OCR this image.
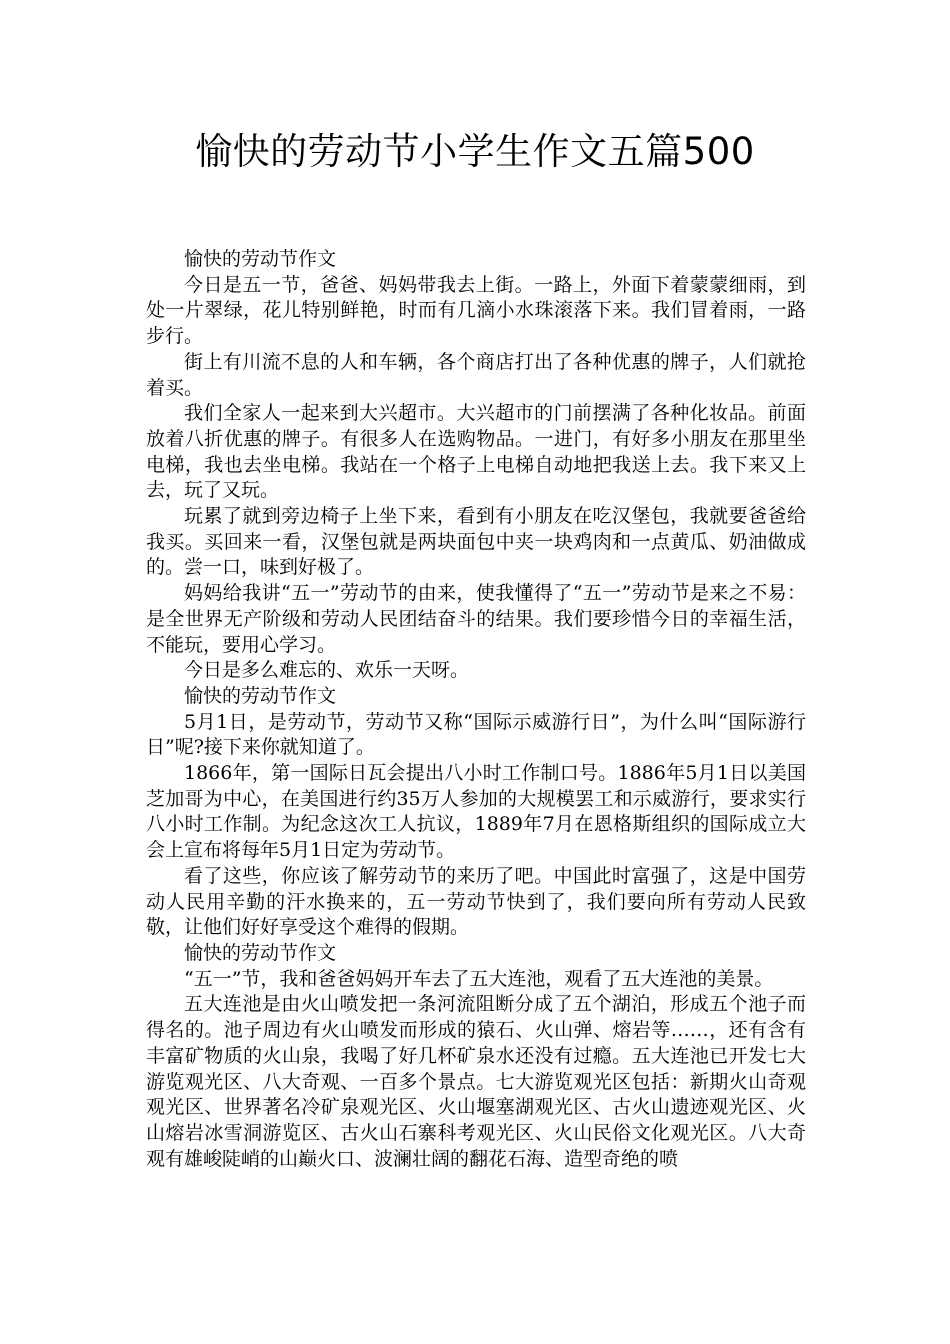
愉快的劳动节小学生作文五篇500

愉快的劳动节作文

今日是五一节，爸爸、妈妈带我去上街。一路上，外面下着蒙蒙细雨，到处一片翠绿，花儿特别鲜艳，时而有几滴小水珠滚落下来。我们冒着雨，一路步行。

街上有川流不息的人和车辆，各个商店打出了各种优惠的牌子，人们就抢着买。

我们全家人一起来到大兴超市。大兴超市的门前摆满了各种化妆品。前面放着八折优惠的牌子。有很多人在选购物品。一进门，有好多小朋友在那里坐电梯，我也去坐电梯。我站在一个格子上电梯自动地把我送上去。我下来又上去，玩了又玩。

玩累了就到旁边椅子上坐下来，看到有小朋友在吃汉堡包，我就要爸爸给我买。买回来一看，汉堡包就是两块面包中夹一块鸡肉和一点黄瓜、奶油做成的。尝一口，味到好极了。

妈妈给我讲“五一”劳动节的由来，使我懂得了“五一”劳动节是来之不易：是全世界无产阶级和劳动人民团结奋斗的结果。我们要珍惜今日的幸福生活，不能玩，要用心学习。

今日是多么难忘的、欢乐一天呀。

愉快的劳动节作文

5月1日，是劳动节，劳动节又称“国际示威游行日”，为什么叫“国际游行日”呢?接下来你就知道了。

1866年，第一国际日瓦会提出八小时工作制口号。1886年5月1日以美国芝加哥为中心，在美国进行约35万人参加的大规模罢工和示威游行，要求实行八小时工作制。为纪念这次工人抗议，1889年7月在恩格斯组织的国际成立大会上宣布将每年5月1日定为劳动节。

看了这些，你应该了解劳动节的来历了吧。中国此时富强了，这是中国劳动人民用辛勤的汗水换来的，五一劳动节快到了，我们要向所有劳动人民致敬，让他们好好享受这个难得的假期。

愉快的劳动节作文

“五一”节，我和爸爸妈妈开车去了五大连池，观看了五大连池的美景。

五大连池是由火山喷发把一条河流阻断分成了五个湖泊，形成五个池子而得名的。池子周边有火山喷发而形成的猿石、火山弹、熔岩等……，还有含有丰富矿物质的火山泉，我喝了好几杯矿泉水还没有过瘾。五大连池已开发七大游览观光区、八大奇观、一百多个景点。七大游览观光区包括：新期火山奇观观光区、世界著名冷矿泉观光区、火山堰塞湖观光区、古火山遗迹观光区、火山熔岩冰雪洞游览区、古火山石寨科考观光区、火山民俗文化观光区。八大奇观有雄峻陡峭的山巅火口、波澜壮阔的翻花石海、造型奇绝的喷
